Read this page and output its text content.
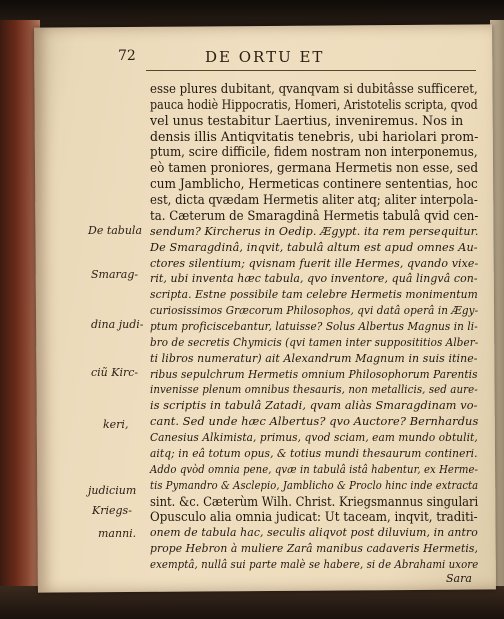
72	DE ORTU ET
De tabula
Smarag-
dina judi-
ciũ Kirc-
keri,
judicium
Kriegs-
manni.
esse plures dubitant, qvanqvam si dubitâsse sufficeret,
pauca hodiè Hippocratis, Homeri, Aristotelis scripta, qvod
vel unus testabitur Laertius, inveniremus. Nos in
densis illis Antiqvitatis tenebris, ubi hariolari prom-
ptum, scire difficile, fidem nostram non interponemus,
eò tamen proniores, germana Hermetis non esse, sed
cum Jamblicho, Hermeticas continere sententias, hoc
est, dicta qvædam Hermetis aliter atq; aliter interpola-
ta. Cæterum de Smaragdinâ Hermetis tabulâ qvid cen-
sendum? Kircherus in Oedip. Ægypt. ita rem persequitur.
De Smaragdinâ, inqvit, tabulâ altum est apud omnes Au-
ctores silentium; qvisnam fuerit ille Hermes, qvando vixe-
rit, ubi inventa hæc tabula, qvo inventore, quâ lingvâ con-
scripta. Estne possibile tam celebre Hermetis monimentum
curiosissimos Græcorum Philosophos, qvi datâ operâ in Ægy-
ptum proficiscebantur, latuisse? Solus Albertus Magnus in li-
bro de secretis Chymicis (qvi tamen inter supposititios Alber-
ti libros numeratur) ait Alexandrum Magnum in suis itine-
ribus sepulchrum Hermetis omnium Philosophorum Parentis
invenisse plenum omnibus thesauris, non metallicis, sed aure-
is scriptis in tabulâ Zatadi, qvam aliàs Smaragdinam vo-
cant. Sed unde hæc Albertus? qvo Auctore? Bernhardus
Canesius Alkimista, primus, qvod sciam, eam mundo obtulit,
aitq; in eâ totum opus, & totius mundi thesaurum contineri.
Addo qvòd omnia pene, qvæ in tabulâ istâ habentur, ex Herme-
tis Pymandro & Asclepio, Jamblicho & Proclo hinc inde extracta
sint. &c. Cæterùm Wilh. Christ. Kriegsmannus singulari
Opusculo alia omnia judicat: Ut taceam, inqvit, traditi-
onem de tabula hac, seculis aliqvot post diluvium, in antro
prope Hebron à muliere Zarâ manibus cadaveris Hermetis,
exemptâ, nullâ sui parte malè se habere, si de Abrahami uxore
Sara
